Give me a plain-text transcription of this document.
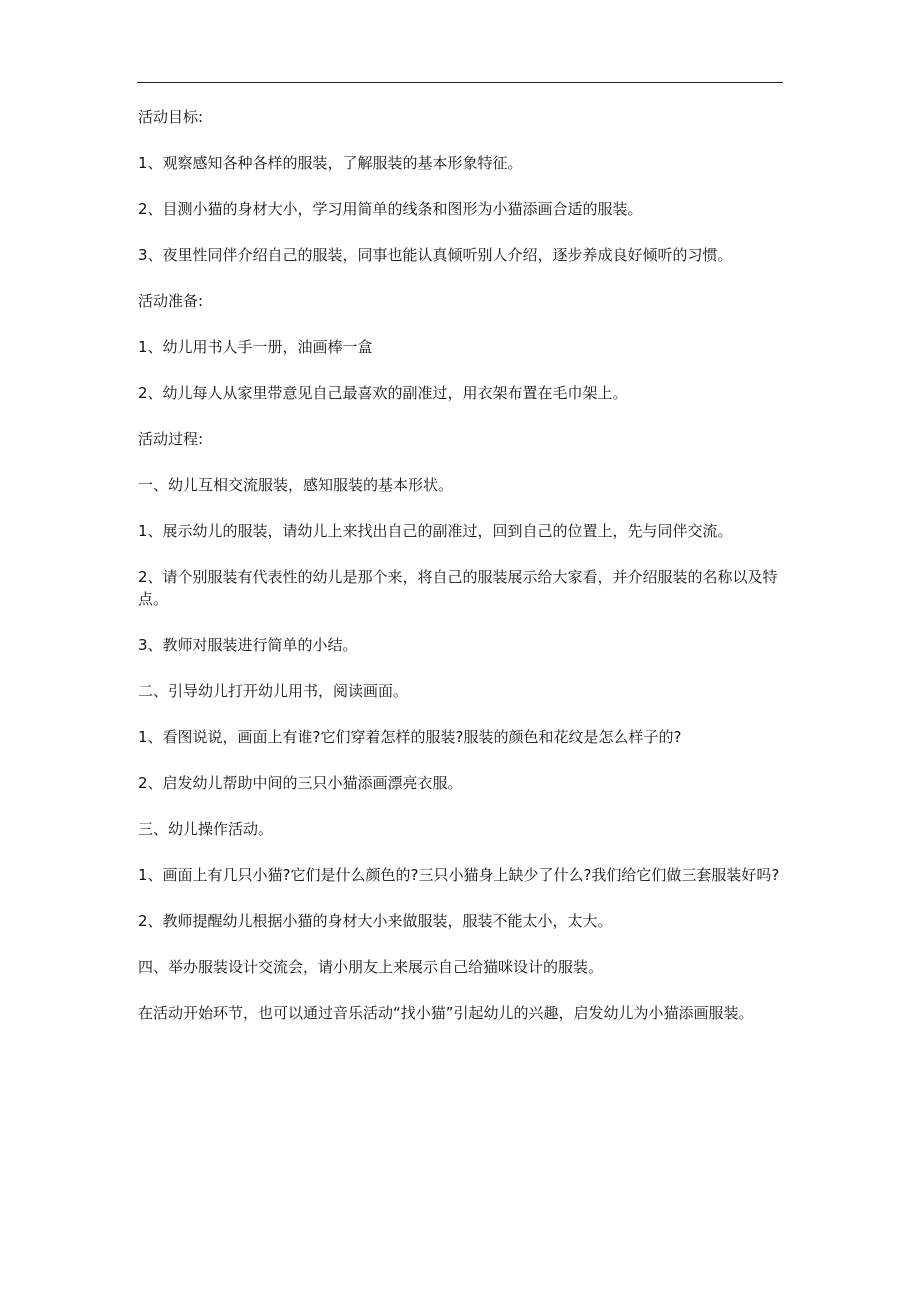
活动目标:

1、观察感知各种各样的服装，了解服装的基本形象特征。

2、目测小猫的身材大小，学习用简单的线条和图形为小猫添画合适的服装。

3、夜里性同伴介绍自己的服装，同事也能认真倾听别人介绍，逐步养成良好倾听的习惯。

活动准备:

1、幼儿用书人手一册，油画棒一盒

2、幼儿每人从家里带意见自己最喜欢的副准过，用衣架布置在毛巾架上。

活动过程:

一、幼儿互相交流服装，感知服装的基本形状。

1、展示幼儿的服装，请幼儿上来找出自己的副准过，回到自己的位置上，先与同伴交流。

2、请个别服装有代表性的幼儿是那个来，将自己的服装展示给大家看，并介绍服装的名称以及特点。

3、教师对服装进行简单的小结。

二、引导幼儿打开幼儿用书，阅读画面。

1、看图说说，画面上有谁?它们穿着怎样的服装?服装的颜色和花纹是怎么样子的?

2、启发幼儿帮助中间的三只小猫添画漂亮衣服。

三、幼儿操作活动。

1、画面上有几只小猫?它们是什么颜色的?三只小猫身上缺少了什么?我们给它们做三套服装好吗?

2、教师提醒幼儿根据小猫的身材大小来做服装，服装不能太小，太大。

四、举办服装设计交流会，请小朋友上来展示自己给猫咪设计的服装。

在活动开始环节，也可以通过音乐活动“找小猫”引起幼儿的兴趣，启发幼儿为小猫添画服装。
